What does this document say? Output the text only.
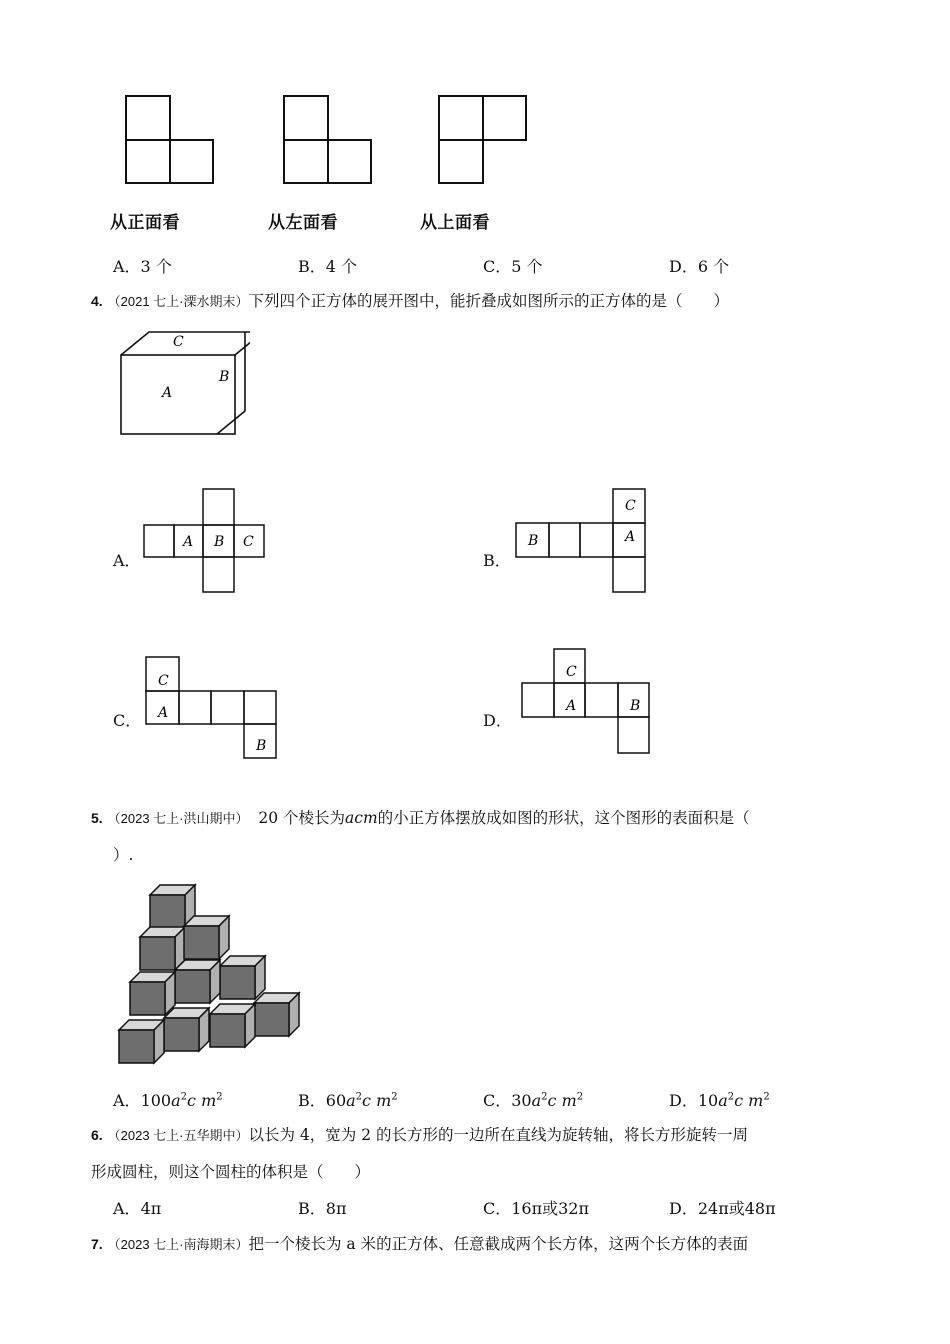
从正面看	从左面看	从上面看
A．3 个	B．4 个	C．5 个	D．6 个
4. （2021 七上·溧水期末）下列四个正方体的展开图中，能折叠成如图所示的正方体的是（　　）
C
A
B
A．
A B C
B．
B
C
A
C．
C
A
B
D．
C
A	B
5. （2023 七上·洪山期中） 20 个棱长为acm的小正方体摆放成如图的形状，这个图形的表面积是（
）.
A．$100a^2c$ $m^2$	B．$60a^2c$ $m^2$	C．$30a^2c$ $m^2$	D．$10a^2c$ $m^2$
6. （2023 七上·五华期中）以长为 4，宽为 2 的长方形的一边所在直线为旋转轴，将长方形旋转一周
形成圆柱，则这个圆柱的体积是（　　）
A．4π	B．8π	C．16π或32π	D．24π或48π
7. （2023 七上·南海期末）把一个棱长为 a 米的正方体、任意截成两个长方体，这两个长方体的表面
